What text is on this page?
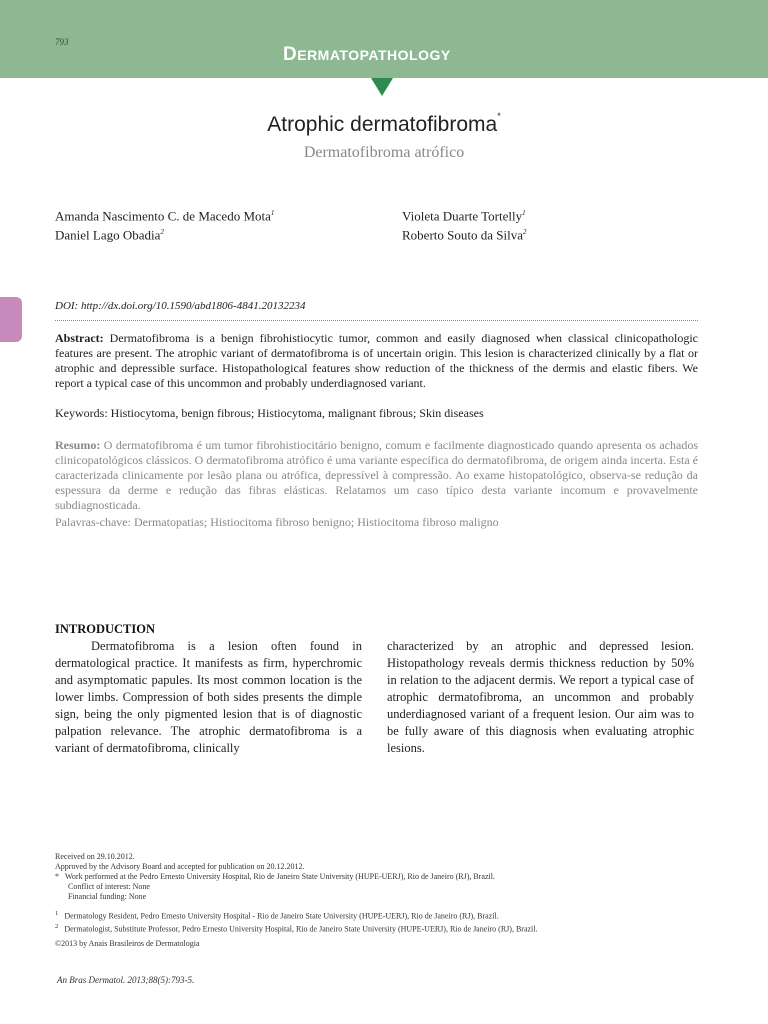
793
DERMATOPATHOLOGY
Atrophic dermatofibroma*
Dermatofibroma atrófico
Amanda Nascimento C. de Macedo Mota$^1$
Daniel Lago Obadia$^2$
Violeta Duarte Tortelly$^1$
Roberto Souto da Silva$^2$
DOI: http://dx.doi.org/10.1590/abd1806-4841.20132234
Abstract: Dermatofibroma is a benign fibrohistiocytic tumor, common and easily diagnosed when classical clinicopathologic features are present. The atrophic variant of dermatofibroma is of uncertain origin. This lesion is characterized clinically by a flat or atrophic and depressible surface. Histopathological features show reduction of the thickness of the dermis and elastic fibers. We report a typical case of this uncommon and probably underdiagnosed variant.
Keywords: Histiocytoma, benign fibrous; Histiocytoma, malignant fibrous; Skin diseases
Resumo: O dermatofibroma é um tumor fibrohistiocitário benigno, comum e facilmente diagnosticado quando apresenta os achados clinicopatológicos clássicos. O dermatofibroma atrófico é uma variante específica do dermatofibroma, de origem ainda incerta. Esta é caracterizada clinicamente por lesão plana ou atrófica, depressível à compressão. Ao exame histopatológico, observa-se redução da espessura da derme e redução das fibras elásticas. Relatamos um caso típico desta variante incomum e provavelmente subdiagnosticada.
Palavras-chave: Dermatopatias; Histiocitoma fibroso benigno; Histiocitoma fibroso maligno
INTRODUCTION
Dermatofibroma is a lesion often found in dermatological practice. It manifests as firm, hyperchromic and asymptomatic papules. Its most common location is the lower limbs. Compression of both sides presents the dimple sign, being the only pigmented lesion that is of diagnostic palpation relevance. The atrophic dermatofibroma is a variant of dermatofibroma, clinically
characterized by an atrophic and depressed lesion. Histopathology reveals dermis thickness reduction by 50% in relation to the adjacent dermis. We report a typical case of atrophic dermatofibroma, an uncommon and probably underdiagnosed variant of a frequent lesion. Our aim was to be fully aware of this diagnosis when evaluating atrophic lesions.
Received on 29.10.2012.
Approved by the Advisory Board and accepted for publication on 20.12.2012.
* Work performed at the Pedro Ernesto University Hospital, Rio de Janeiro State University (HUPE-UERJ), Rio de Janeiro (RJ), Brazil.
Conflict of interest: None
Financial funding: None
$^1$ Dermatology Resident, Pedro Ernesto University Hospital - Rio de Janeiro State University (HUPE-UERJ), Rio de Janeiro (RJ), Brazil.
$^2$ Dermatologist, Substitute Professor, Pedro Ernesto University Hospital, Rio de Janeiro State University (HUPE-UERJ), Rio de Janeiro (RJ), Brazil.
©2013 by Anais Brasileiros de Dermatologia
An Bras Dermatol. 2013;88(5):793-5.
